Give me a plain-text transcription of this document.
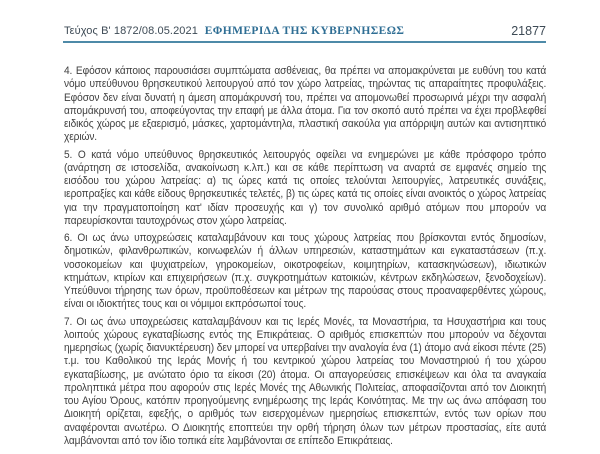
Τεύχος Β' 1872/08.05.2021 ΕΦΗΜΕΡΙΔΑ ΤΗΣ ΚΥΒΕΡΝΗΣΕΩΣ	21877

4. Εφόσον κάποιος παρουσιάσει συμπτώματα ασθένειας, θα πρέπει να απομακρύνεται με ευθύνη του κατά νόμο υπεύθυνου θρησκευτικού λειτουργού από τον χώρο λατρείας, τηρώντας τις απαραίτητες προφυλάξεις. Εφόσον δεν είναι δυνατή η άμεση απομάκρυνσή του, πρέπει να απομονωθεί προσωρινά μέχρι την ασφαλή απομάκρυνσή του, αποφεύγοντας την επαφή με άλλα άτομα. Για τον σκοπό αυτό πρέπει να έχει προβλεφθεί ειδικός χώρος με εξαερισμό, μάσκες, χαρτομάντηλα, πλαστική σακούλα για απόρριψη αυτών και αντισηπτικό χεριών.

5. Ο κατά νόμο υπεύθυνος θρησκευτικός λειτουργός οφείλει να ενημερώνει με κάθε πρόσφορο τρόπο (ανάρτηση σε ιστοσελίδα, ανακοίνωση κ.λπ.) και σε κάθε περίπτωση να αναρτά σε εμφανές σημείο της εισόδου του χώρου λατρείας: α) τις ώρες κατά τις οποίες τελούνται λειτουργίες, λατρευτικές συνάξεις, ιεροπραξίες και κάθε είδους θρησκευτικές τελετές, β) τις ώρες κατά τις οποίες είναι ανοικτός ο χώρος λατρείας για την πραγματοποίηση κατ' ιδίαν προσευχής και γ) τον συνολικό αριθμό ατόμων που μπορούν να παρευρίσκονται ταυτοχρόνως στον χώρο λατρείας.

6. Οι ως άνω υποχρεώσεις καταλαμβάνουν και τους χώρους λατρείας που βρίσκονται εντός δημοσίων, δημοτικών, φιλανθρωπικών, κοινωφελών ή άλλων υπηρεσιών, καταστημάτων και εγκαταστάσεων (π.χ. νοσοκομείων και ψυχιατρείων, γηροκομείων, οικοτροφείων, κοιμητηρίων, κατασκηνώσεων), ιδιωτικών κτημάτων, κτιρίων και επιχειρήσεων (π.χ. συγκροτημάτων κατοικιών, κέντρων εκδηλώσεων, ξενοδοχείων). Υπεύθυνοι τήρησης των όρων, προϋποθέσεων και μέτρων της παρούσας στους προαναφερθέντες χώρους, είναι οι ιδιοκτήτες τους και οι νόμιμοι εκπρόσωποί τους.

7. Οι ως άνω υποχρεώσεις καταλαμβάνουν και τις Ιερές Μονές, τα Μοναστήρια, τα Ησυχαστήρια και τους λοιπούς χώρους εγκαταβίωσης εντός της Επικράτειας. Ο αριθμός επισκεπτών που μπορούν να δέχονται ημερησίως (χωρίς διανυκτέρευση) δεν μπορεί να υπερβαίνει την αναλογία ένα (1) άτομο ανά είκοσι πέντε (25) τ.μ. του Καθολικού της Ιεράς Μονής ή του κεντρικού χώρου λατρείας του Μοναστηριού ή του χώρου εγκαταβίωσης, με ανώτατο όριο τα είκοσι (20) άτομα. Οι απαγορεύσεις επισκέψεων και όλα τα αναγκαία προληπτικά μέτρα που αφορούν στις Ιερές Μονές της Αθωνικής Πολιτείας, αποφασίζονται από τον Διοικητή του Αγίου Όρους, κατόπιν προηγούμενης ενημέρωσης της Ιεράς Κοινότητας. Με την ως άνω απόφαση του Διοικητή ορίζεται, εφεξής, ο αριθμός των εισερχομένων ημερησίως επισκεπτών, εντός των ορίων που αναφέρονται ανωτέρω. Ο Διοικητής εποπτεύει την ορθή τήρηση όλων των μέτρων προστασίας, είτε αυτά λαμβάνονται από τον ίδιο τοπικά είτε λαμβάνονται σε επίπεδο Επικράτειας.
